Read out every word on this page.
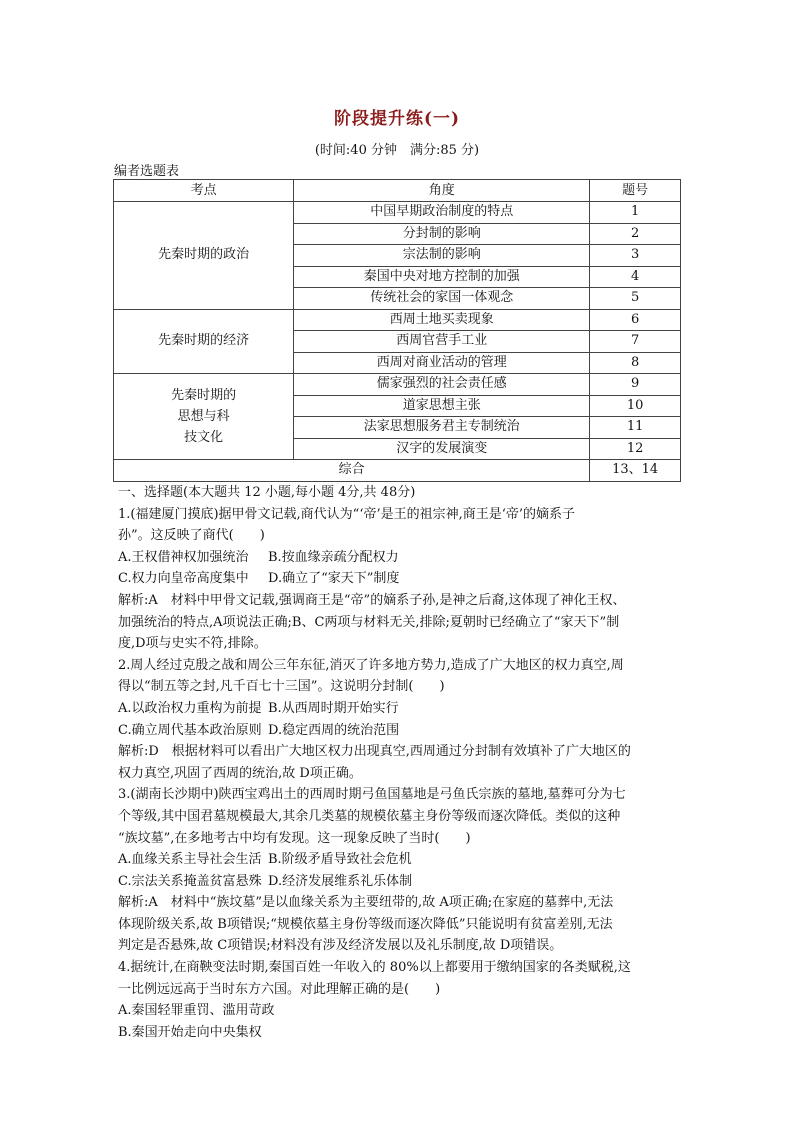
阶段提升练(一)
(时间:40 分钟　满分:85 分)
编者选题表
考点	角度	题号
先秦时期的政治	中国早期政治制度的特点	1
	分封制的影响	2
	宗法制的影响	3
	秦国中央对地方控制的加强	4
	传统社会的家国一体观念	5
先秦时期的经济	西周土地买卖现象	6
	西周官营手工业	7
	西周对商业活动的管理	8
先秦时期的
思想与科
技文化	儒家强烈的社会责任感	9
	道家思想主张	10
	法家思想服务君主专制统治	11
	汉字的发展演变	12
综合		13、14

一、选择题(本大题共 12 小题,每小题 4分,共 48分)

1.(福建厦门摸底)据甲骨文记载,商代认为“‘帝’是王的祖宗神,商王是‘帝’的嫡系子

孙”。这反映了商代(　　)

A.王权借神权加强统治 B.按血缘亲疏分配权力

C.权力向皇帝高度集中 D.确立了“家天下”制度

解析:A　材料中甲骨文记载,强调商王是“帝”的嫡系子孙,是神之后裔,这体现了神化王权、

加强统治的特点,A项说法正确;B、C两项与材料无关,排除;夏朝时已经确立了“家天下”制

度,D项与史实不符,排除。

2.周人经过克殷之战和周公三年东征,消灭了许多地方势力,造成了广大地区的权力真空,周

得以“制五等之封,凡千百七十三国”。这说明分封制(　　)

A.以政治权力重构为前提 B.从西周时期开始实行

C.确立周代基本政治原则 D.稳定西周的统治范围

解析:D　根据材料可以看出广大地区权力出现真空,西周通过分封制有效填补了广大地区的

权力真空,巩固了西周的统治,故 D项正确。

3.(湖南长沙期中)陕西宝鸡出土的西周时期弓鱼国墓地是弓鱼氏宗族的墓地,墓葬可分为七

个等级,其中国君墓规模最大,其余几类墓的规模依墓主身份等级而逐次降低。类似的这种

“族坟墓”,在多地考古中均有发现。这一现象反映了当时(　　)

A.血缘关系主导社会生活 B.阶级矛盾导致社会危机

C.宗法关系掩盖贫富悬殊 D.经济发展维系礼乐体制

解析:A　材料中“族坟墓”是以血缘关系为主要纽带的,故 A项正确;在家庭的墓葬中,无法

体现阶级关系,故 B项错误;“规模依墓主身份等级而逐次降低”只能说明有贫富差别,无法

判定是否悬殊,故 C项错误;材料没有涉及经济发展以及礼乐制度,故 D项错误。

4.据统计,在商鞅变法时期,秦国百姓一年收入的 80%以上都要用于缴纳国家的各类赋税,这

一比例远远高于当时东方六国。对此理解正确的是(　　)

A.秦国轻罪重罚、滥用苛政

B.秦国开始走向中央集权
